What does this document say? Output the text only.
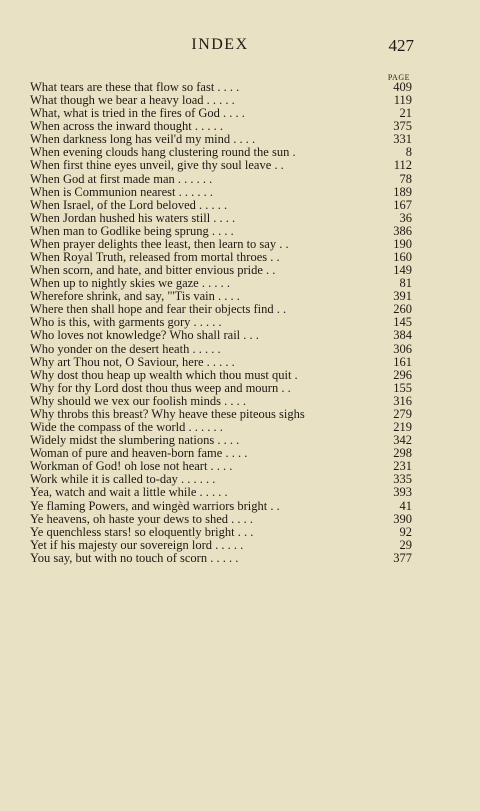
INDEX	427
PAGE
What tears are these that flow so fast . . . .	409
What though we bear a heavy load . . . . .	119
What, what is tried in the fires of God . . . .	21
When across the inward thought . . . . .	375
When darkness long has veil'd my mind . . . .	331
When evening clouds hang clustering round the sun .	8
When first thine eyes unveil, give thy soul leave . .	112
When God at first made man . . . . . .	78
When is Communion nearest . . . . . .	189
When Israel, of the Lord beloved . . . . .	167
When Jordan hushed his waters still . . . .	36
When man to Godlike being sprung . . . .	386
When prayer delights thee least, then learn to say . .	190
When Royal Truth, released from mortal throes . .	160
When scorn, and hate, and bitter envious pride . .	149
When up to nightly skies we gaze . . . . .	81
Wherefore shrink, and say, "'Tis vain . . . .	391
Where then shall hope and fear their objects find . .	260
Who is this, with garments gory . . . . .	145
Who loves not knowledge? Who shall rail . . .	384
Who yonder on the desert heath . . . . .	306
Why art Thou not, O Saviour, here . . . . .	161
Why dost thou heap up wealth which thou must quit .	296
Why for thy Lord dost thou thus weep and mourn . .	155
Why should we vex our foolish minds . . . .	316
Why throbs this breast? Why heave these piteous sighs	279
Wide the compass of the world . . . . . .	219
Widely midst the slumbering nations . . . .	342
Woman of pure and heaven-born fame . . . .	298
Workman of God! oh lose not heart . . . .	231
Work while it is called to-day . . . . . .	335
Yea, watch and wait a little while . . . . .	393
Ye flaming Powers, and wingèd warriors bright . .	41
Ye heavens, oh haste your dews to shed . . . .	390
Ye quenchless stars! so eloquently bright . . .	92
Yet if his majesty our sovereign lord . . . . .	29
You say, but with no touch of scorn . . . . .	377
